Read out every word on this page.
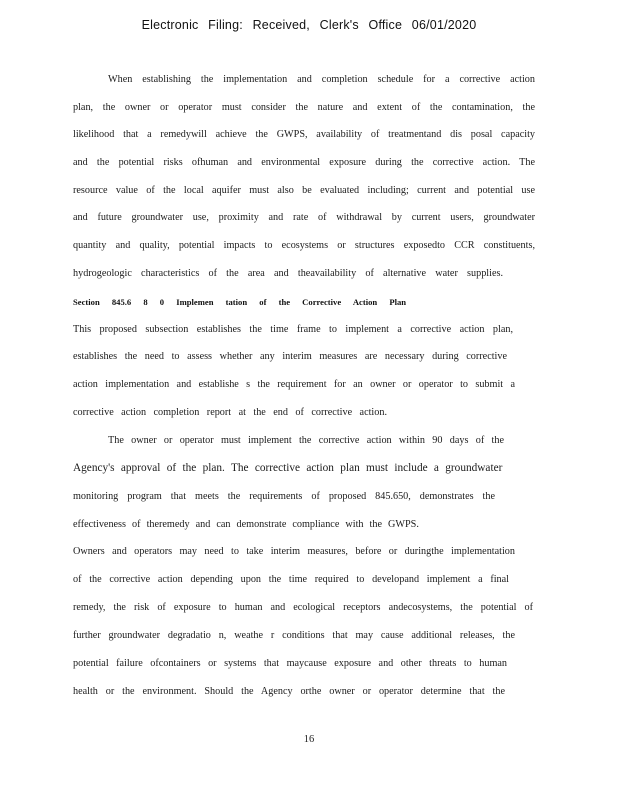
Electronic Filing: Received, Clerk's Office 06/01/2020
When establishing the implementation and completion schedule for a corrective action
plan, the owner or operator must consider the nature and extent of the contamination, the
likelihood that a remedywill achieve the GWPS, availability of treatmentand dis posal capacity
and the potential risks ofhuman and environmental exposure during the corrective action. The
resource value of the local aquifer must also be evaluated including; current and potential use
and future groundwater use, proximity and rate of withdrawal by current users, groundwater
quantity and quality, potential impacts to ecosystems or structures exposedto CCR constituents,
hydrogeologic characteristics of the area and theavailability of alternative water supplies.
Section 845.6 8 0 Implemen tation of the Corrective Action Plan
This proposed subsection establishes the time frame to implement a corrective action plan,
establishes the need to assess whether any interim measures are necessary during corrective
action implementation and establishe s the requirement for an owner or operator to submit a
corrective action completion report at the end of corrective action.
The owner or operator must implement the corrective action within 90 days of the
Agency's approval of the plan. The corrective action plan must include a groundwater
monitoring program that meets the requirements of proposed 845.650, demonstrates the
effectiveness of theremedy and can demonstrate compliance with the GWPS.
Owners and operators may need to take interim measures, before or duringthe implementation
of the corrective action depending upon the time required to developand implement a final
remedy, the risk of exposure to human and ecological receptors andecosystems, the potential of
further groundwater degradatio n, weathe r conditions that may cause additional releases, the
potential failure ofcontainers or systems that maycause exposure and other threats to human
health or the environment. Should the Agency orthe owner or operator determine that the
16
